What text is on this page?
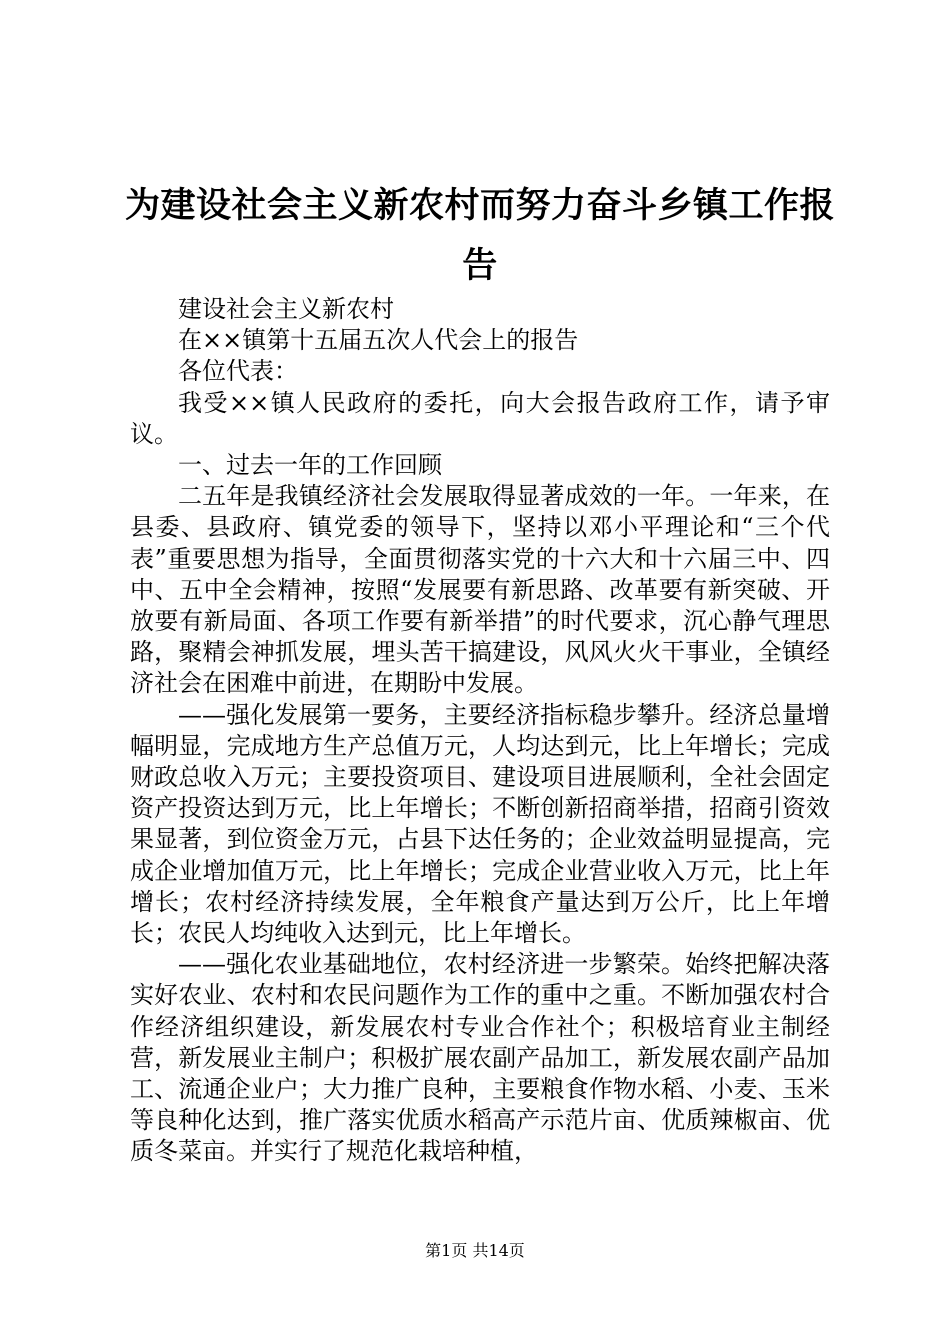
为建设社会主义新农村而努力奋斗乡镇工作报告

建设社会主义新农村

在××镇第十五届五次人代会上的报告

各位代表：

我受××镇人民政府的委托，向大会报告政府工作，请予审议。

一、过去一年的工作回顾

二五年是我镇经济社会发展取得显著成效的一年。一年来，在县委、县政府、镇党委的领导下，坚持以邓小平理论和“三个代表”重要思想为指导，全面贯彻落实党的十六大和十六届三中、四中、五中全会精神，按照“发展要有新思路、改革要有新突破、开放要有新局面、各项工作要有新举措”的时代要求，沉心静气理思路，聚精会神抓发展，埋头苦干搞建设，风风火火干事业，全镇经济社会在困难中前进，在期盼中发展。

——强化发展第一要务，主要经济指标稳步攀升。经济总量增幅明显，完成地方生产总值万元，人均达到元，比上年增长；完成财政总收入万元；主要投资项目、建设项目进展顺利，全社会固定资产投资达到万元，比上年增长；不断创新招商举措，招商引资效果显著，到位资金万元，占县下达任务的；企业效益明显提高，完成企业增加值万元，比上年增长；完成企业营业收入万元，比上年增长；农村经济持续发展，全年粮食产量达到万公斤，比上年增长；农民人均纯收入达到元，比上年增长。

——强化农业基础地位，农村经济进一步繁荣。始终把解决落实好农业、农村和农民问题作为工作的重中之重。不断加强农村合作经济组织建设，新发展农村专业合作社个；积极培育业主制经营，新发展业主制户；积极扩展农副产品加工，新发展农副产品加工、流通企业户；大力推广良种，主要粮食作物水稻、小麦、玉米等良种化达到，推广落实优质水稻高产示范片亩、优质辣椒亩、优质冬菜亩。并实行了规范化栽培种植，

第1页 共14页
